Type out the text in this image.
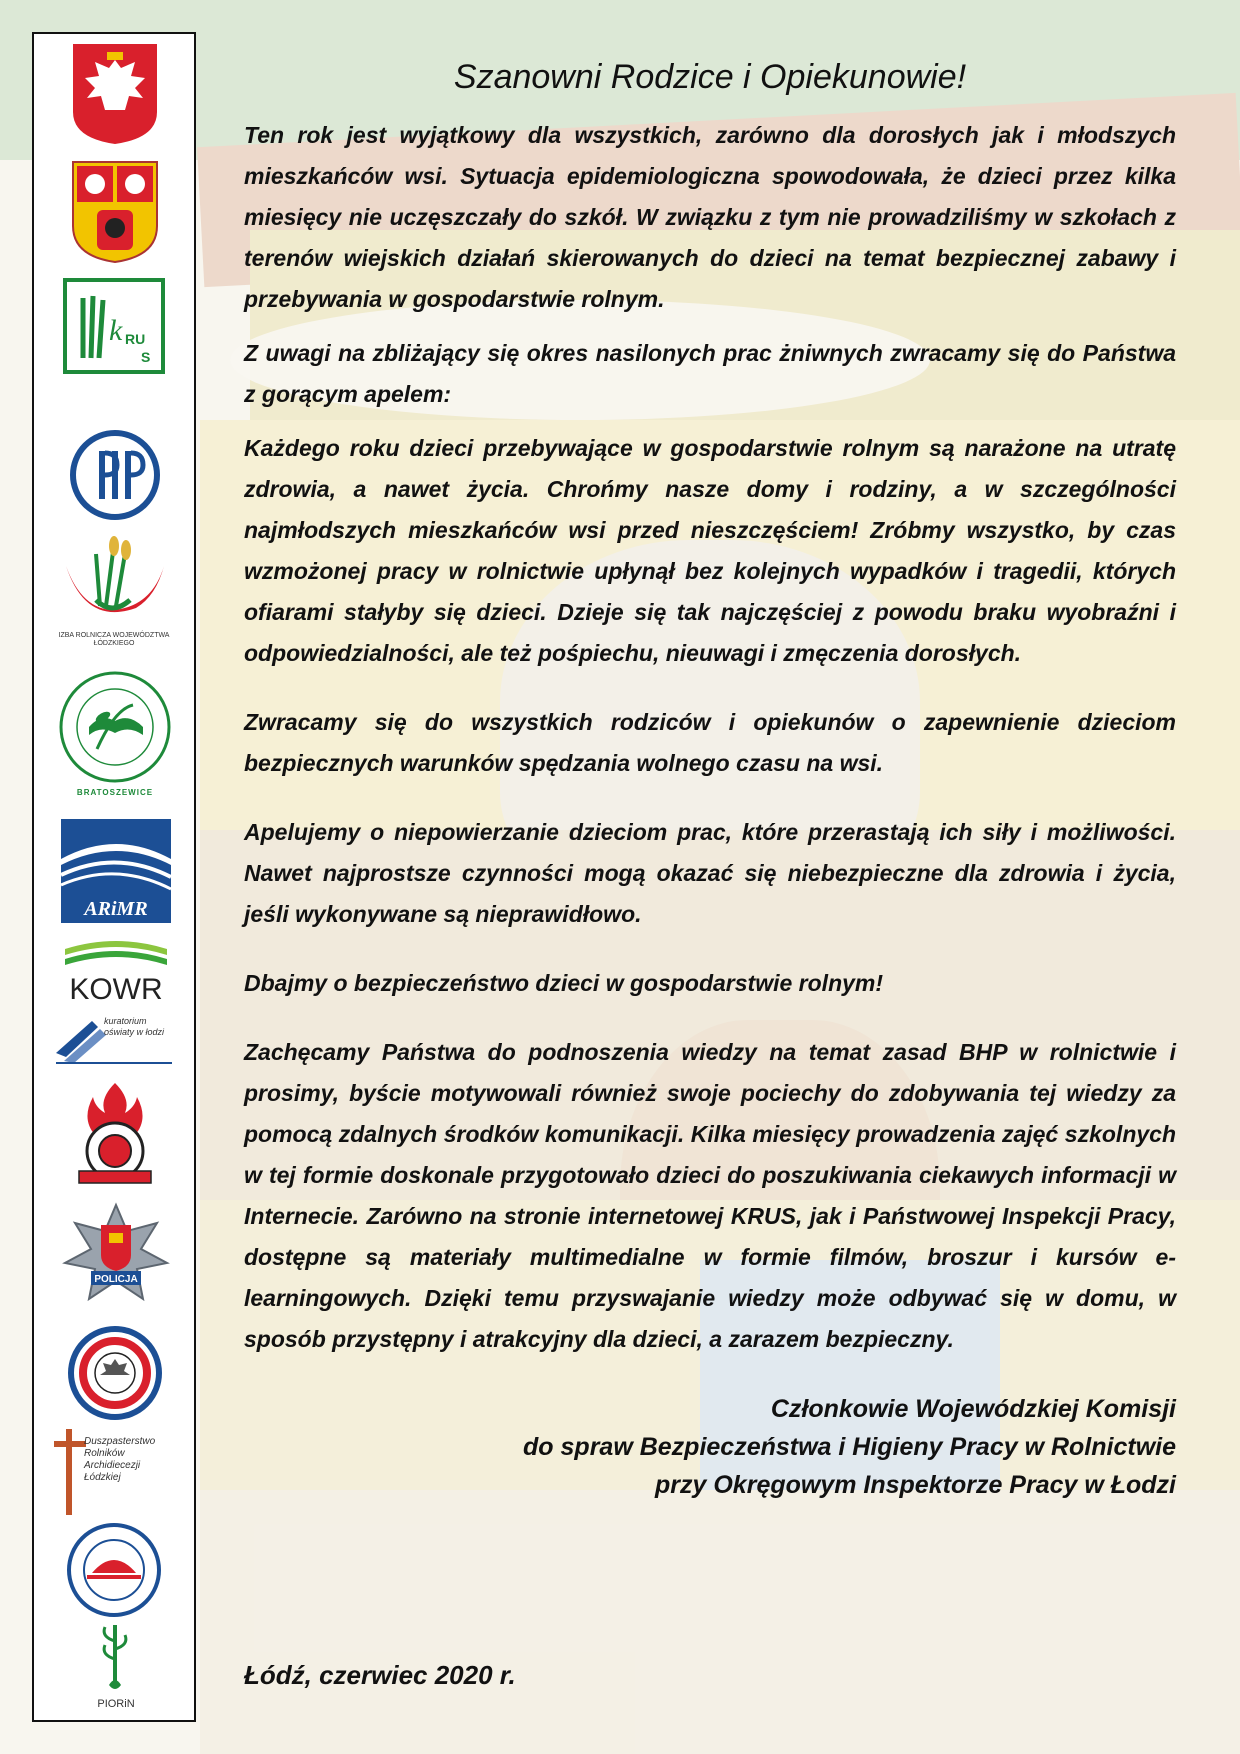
k RU
S
IZBA ROLNICZA WOJEWÓDZTWA ŁÓDZKIEGO
BRATOSZEWICE
ARiMR
KOWR
kuratorium oświaty w łodzi
POLICJA
Duszpasterstwo Rolników Archidiecezji Łódzkiej
PIORiN
Szanowni Rodzice i Opiekunowie!

Ten rok jest wyjątkowy dla wszystkich, zarówno dla dorosłych jak i młodszych mieszkańców wsi. Sytuacja epidemiologiczna spowodowała, że dzieci przez kilka miesięcy nie uczęszczały do szkół. W związku z tym nie prowadziliśmy w szkołach z terenów wiejskich działań skierowanych do dzieci na temat bezpiecznej zabawy i przebywania w gospodarstwie rolnym.

Z uwagi na zbliżający się okres nasilonych prac żniwnych zwracamy się do Państwa z gorącym apelem:

Każdego roku dzieci przebywające w gospodarstwie rolnym są narażone na utratę zdrowia, a nawet życia. Chrońmy nasze domy i rodziny, a w szczególności najmłodszych mieszkańców wsi przed nieszczęściem! Zróbmy wszystko, by czas wzmożonej pracy w rolnictwie upłynął bez kolejnych wypadków i tragedii, których ofiarami stałyby się dzieci. Dzieje się tak najczęściej z powodu braku wyobraźni i odpowiedzialności, ale też pośpiechu, nieuwagi i zmęczenia dorosłych.

Zwracamy się do wszystkich rodziców i opiekunów o zapewnienie dzieciom bezpiecznych warunków spędzania wolnego czasu na wsi.

Apelujemy o niepowierzanie dzieciom prac, które przerastają ich siły i możliwości. Nawet najprostsze czynności mogą okazać się niebezpieczne dla zdrowia i życia, jeśli wykonywane są nieprawidłowo.

Dbajmy o bezpieczeństwo dzieci w gospodarstwie rolnym!

Zachęcamy Państwa do podnoszenia wiedzy na temat zasad BHP w rolnictwie i prosimy, byście motywowali również swoje pociechy do zdobywania tej wiedzy za pomocą zdalnych środków komunikacji. Kilka miesięcy prowadzenia zajęć szkolnych w tej formie doskonale przygotowało dzieci do poszukiwania ciekawych informacji w Internecie. Zarówno na stronie internetowej KRUS, jak i Państwowej Inspekcji Pracy, dostępne są materiały multimedialne w formie filmów, broszur i kursów e-learningowych. Dzięki temu przyswajanie wiedzy może odbywać się w domu, w sposób przystępny i atrakcyjny dla dzieci, a zarazem bezpieczny.

Członkowie Wojewódzkiej Komisji
do spraw Bezpieczeństwa i Higieny Pracy w Rolnictwie
przy Okręgowym Inspektorze Pracy w Łodzi
Łódź, czerwiec 2020 r.
